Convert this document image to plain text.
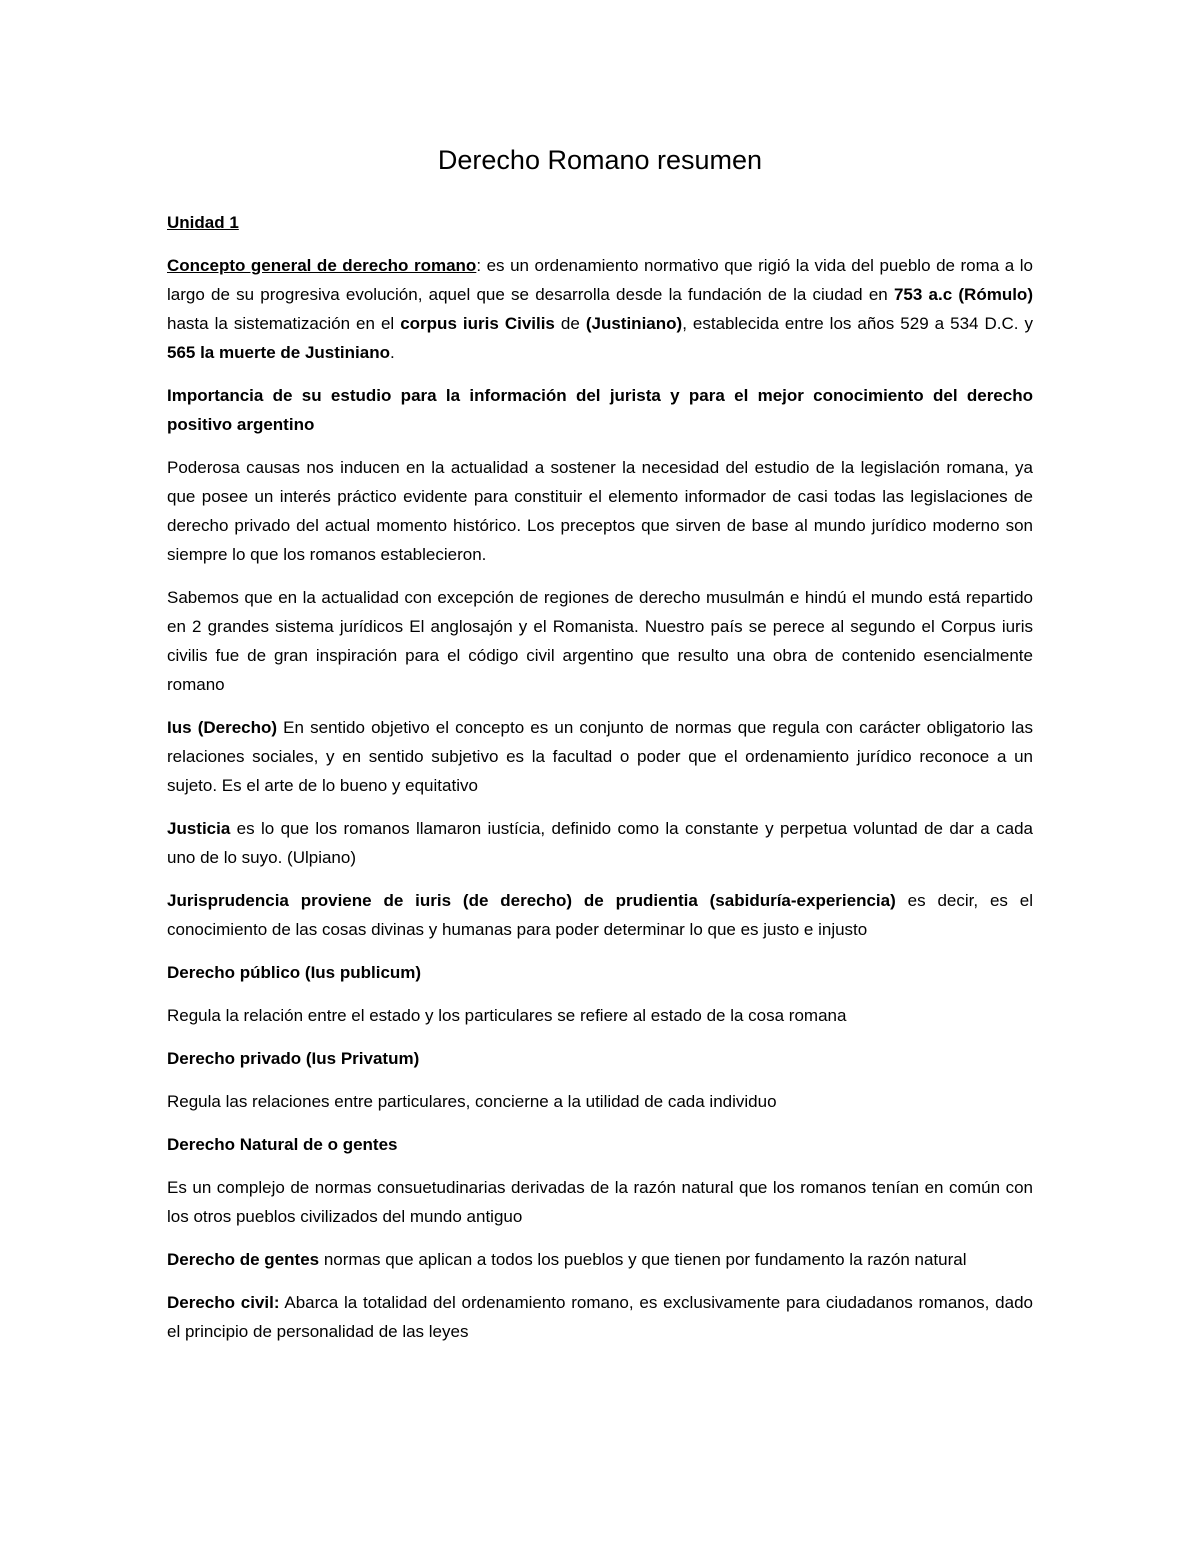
Derecho Romano resumen

Unidad 1

Concepto general de derecho romano: es un ordenamiento normativo que rigió la vida del pueblo de roma a lo largo de su progresiva evolución, aquel que se desarrolla desde la fundación de la ciudad en 753 a.c (Rómulo) hasta la sistematización en el corpus iuris Civilis de (Justiniano), establecida entre los años 529 a 534 D.C. y 565 la muerte de Justiniano.

Importancia de su estudio para la información del jurista y para el mejor conocimiento del derecho positivo argentino

Poderosa causas nos inducen en la actualidad a sostener la necesidad del estudio de la legislación romana, ya que posee un interés práctico evidente para constituir el elemento informador de casi todas las legislaciones de derecho privado del actual momento histórico. Los preceptos que sirven de base al mundo jurídico moderno son siempre lo que los romanos establecieron.

Sabemos que en la actualidad con excepción de regiones de derecho musulmán e hindú el mundo está repartido en 2 grandes sistema jurídicos El anglosajón y el Romanista. Nuestro país se perece al segundo el Corpus iuris civilis fue de gran inspiración para el código civil argentino que resulto una obra de contenido esencialmente romano

Ius (Derecho) En sentido objetivo el concepto es un conjunto de normas que regula con carácter obligatorio las relaciones sociales, y en sentido subjetivo es la facultad o poder que el ordenamiento jurídico reconoce a un sujeto. Es el arte de lo bueno y equitativo

Justicia es lo que los romanos llamaron iustícia, definido como la constante y perpetua voluntad de dar a cada uno de lo suyo. (Ulpiano)

Jurisprudencia proviene de iuris (de derecho) de prudientia (sabiduría-experiencia) es decir, es el conocimiento de las cosas divinas y humanas para poder determinar lo que es justo e injusto

Derecho público (Ius publicum)

Regula la relación entre el estado y los particulares se refiere al estado de la cosa romana

Derecho privado (Ius Privatum)

Regula las relaciones entre particulares, concierne a la utilidad de cada individuo

Derecho Natural de o gentes

Es un complejo de normas consuetudinarias derivadas de la razón natural que los romanos tenían en común con los otros pueblos civilizados del mundo antiguo

Derecho de gentes normas que aplican a todos los pueblos y que tienen por fundamento la razón natural

Derecho civil: Abarca la totalidad del ordenamiento romano, es exclusivamente para ciudadanos romanos, dado el principio de personalidad de las leyes
